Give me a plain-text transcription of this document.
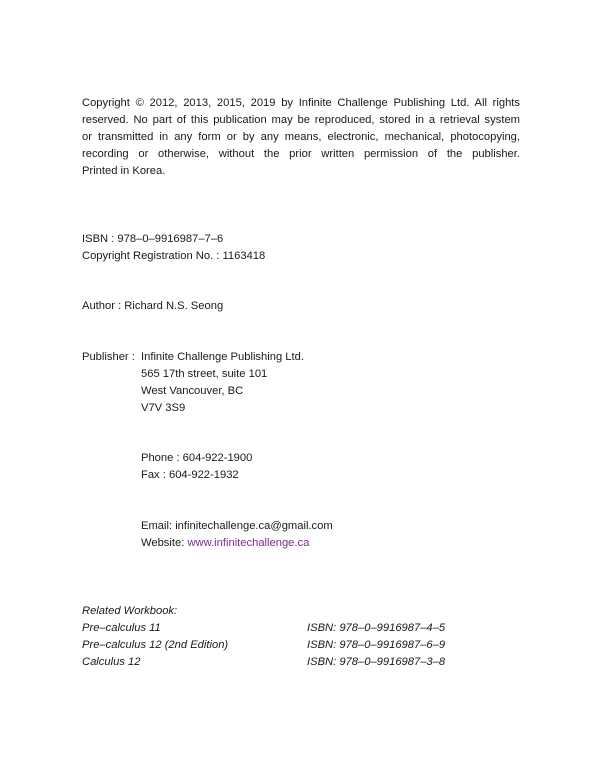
Copyright © 2012, 2013, 2015, 2019 by Infinite Challenge Publishing Ltd. All rights
reserved. No part of this publication may be reproduced, stored in a retrieval system
or transmitted in any form or by any means, electronic, mechanical, photocopying,
recording or otherwise, without the prior written permission of the publisher.
Printed in Korea.
ISBN : 978‒0‒9916987‒7‒6
Copyright Registration No. : 1163418
Author : Richard N.S. Seong
Publisher : Infinite Challenge Publishing Ltd.
565 17th street, suite 101
West Vancouver, BC
V7V 3S9
Phone : 604-922-1900
Fax : 604-922-1932
Email: infinitechallenge.ca@gmail.com
Website: www.infinitechallenge.ca
Related Workbook:
Pre‒calculus 11	ISBN: 978‒0‒9916987‒4‒5
Pre‒calculus 12 (2nd Edition)	ISBN: 978‒0‒9916987‒6‒9
Calculus 12	ISBN: 978‒0‒9916987‒3‒8
